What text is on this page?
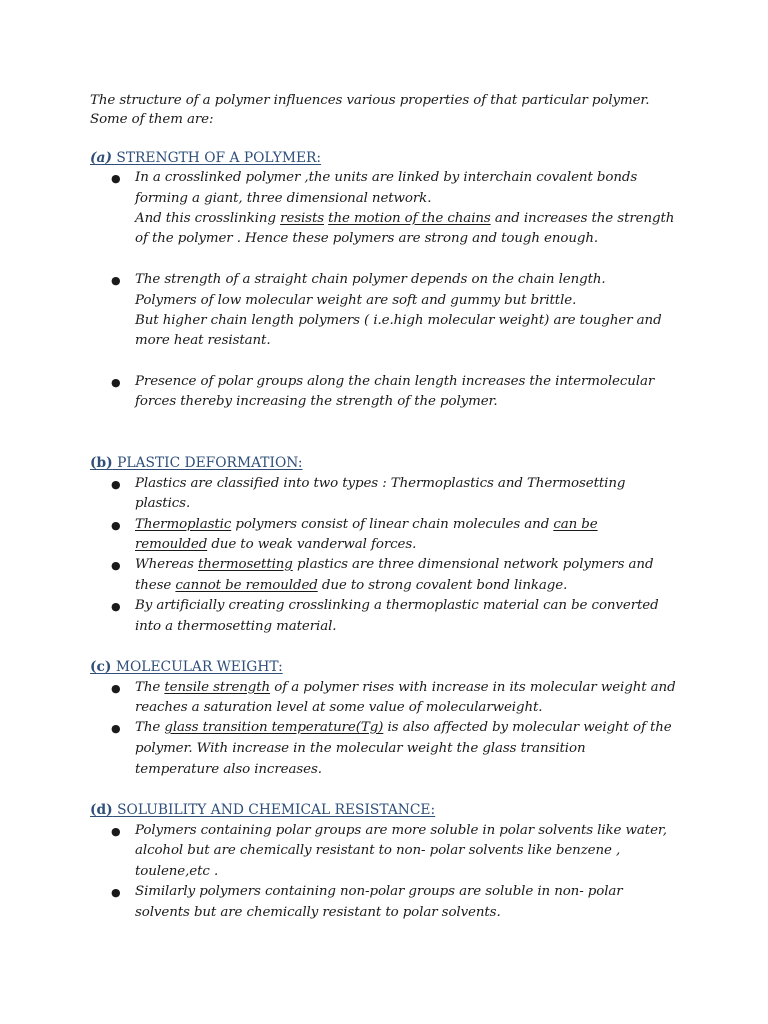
The structure of a polymer influences various properties of that particular polymer.
Some of them are:
(a) STRENGTH OF A POLYMER:
● In a crosslinked polymer ,the units are linked by interchain covalent bonds
forming a giant, three dimensional network.
And this crosslinking resists the motion of the chains and increases the strength
of the polymer . Hence these polymers are strong and tough enough.
● The strength of a straight chain polymer depends on the chain length.
Polymers of low molecular weight are soft and gummy but brittle.
But higher chain length polymers ( i.e.high molecular weight) are tougher and
more heat resistant.
● Presence of polar groups along the chain length increases the intermolecular
forces thereby increasing the strength of the polymer.
(b) PLASTIC DEFORMATION:
● Plastics are classified into two types : Thermoplastics and Thermosetting
plastics.
● Thermoplastic polymers consist of linear chain molecules and can be
remoulded due to weak vanderwal forces.
● Whereas thermosetting plastics are three dimensional network polymers and
these cannot be remoulded due to strong covalent bond linkage.
● By artificially creating crosslinking a thermoplastic material can be converted
into a thermosetting material.
(c) MOLECULAR WEIGHT:
● The tensile strength of a polymer rises with increase in its molecular weight and
reaches a saturation level at some value of molecularweight.
● The glass transition temperature(Tg) is also affected by molecular weight of the
polymer. With increase in the molecular weight the glass transition
temperature also increases.
(d) SOLUBILITY AND CHEMICAL RESISTANCE:
● Polymers containing polar groups are more soluble in polar solvents like water,
alcohol but are chemically resistant to non- polar solvents like benzene ,
toulene,etc .
● Similarly polymers containing non-polar groups are soluble in non- polar
solvents but are chemically resistant to polar solvents.
